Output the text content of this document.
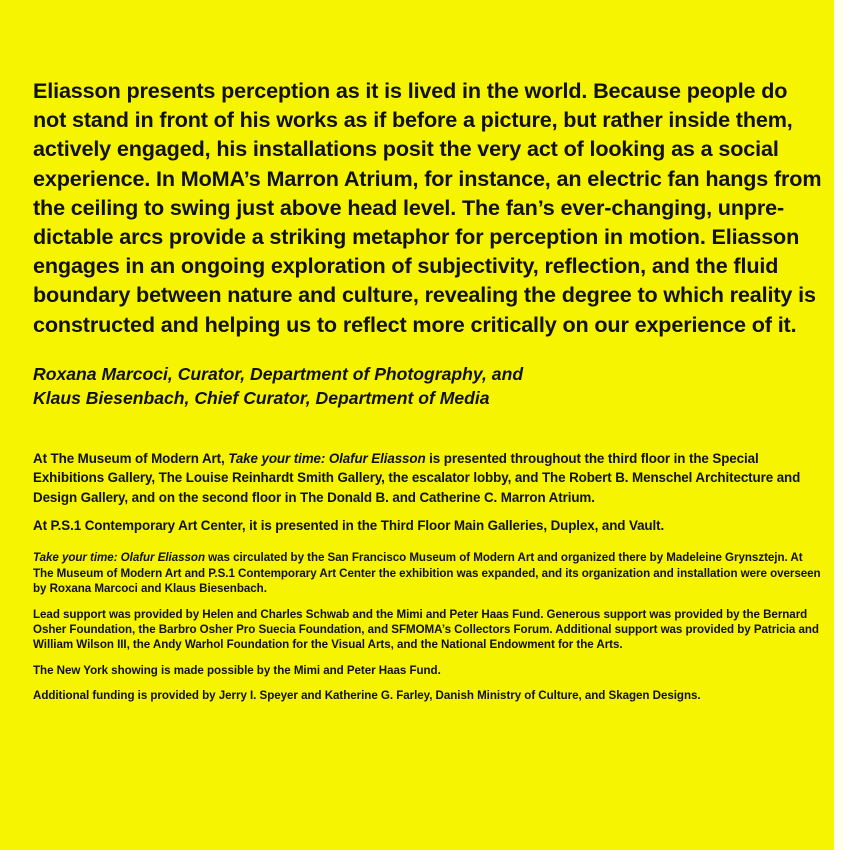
Eliasson presents perception as it is lived in the world. Because people do not stand in front of his works as if before a picture, but rather inside them, actively engaged, his installations posit the very act of looking as a social experience. In MoMA’s Marron Atrium, for instance, an electric fan hangs from the ceiling to swing just above head level. The fan’s ever-changing, unpredictable arcs provide a striking metaphor for perception in motion. Eliasson engages in an ongoing exploration of subjectivity, reflection, and the fluid boundary between nature and culture, revealing the degree to which reality is constructed and helping us to reflect more critically on our experience of it.

Roxana Marcoci, Curator, Department of Photography, and
Klaus Biesenbach, Chief Curator, Department of Media

At The Museum of Modern Art, Take your time: Olafur Eliasson is presented throughout the third floor in the Special Exhibitions Gallery, The Louise Reinhardt Smith Gallery, the escalator lobby, and The Robert B. Menschel Architecture and Design Gallery, and on the second floor in The Donald B. and Catherine C. Marron Atrium.

At P.S.1 Contemporary Art Center, it is presented in the Third Floor Main Galleries, Duplex, and Vault.

Take your time: Olafur Eliasson was circulated by the San Francisco Museum of Modern Art and organized there by Madeleine Grynsztejn. At The Museum of Modern Art and P.S.1 Contemporary Art Center the exhibition was expanded, and its organization and installation were overseen by Roxana Marcoci and Klaus Biesenbach.

Lead support was provided by Helen and Charles Schwab and the Mimi and Peter Haas Fund. Generous support was provided by the Bernard Osher Foundation, the Barbro Osher Pro Suecia Foundation, and SFMOMA’s Collectors Forum. Additional support was provided by Patricia and William Wilson III, the Andy Warhol Foundation for the Visual Arts, and the National Endowment for the Arts.

The New York showing is made possible by the Mimi and Peter Haas Fund.

Additional funding is provided by Jerry I. Speyer and Katherine G. Farley, Danish Ministry of Culture, and Skagen Designs.
